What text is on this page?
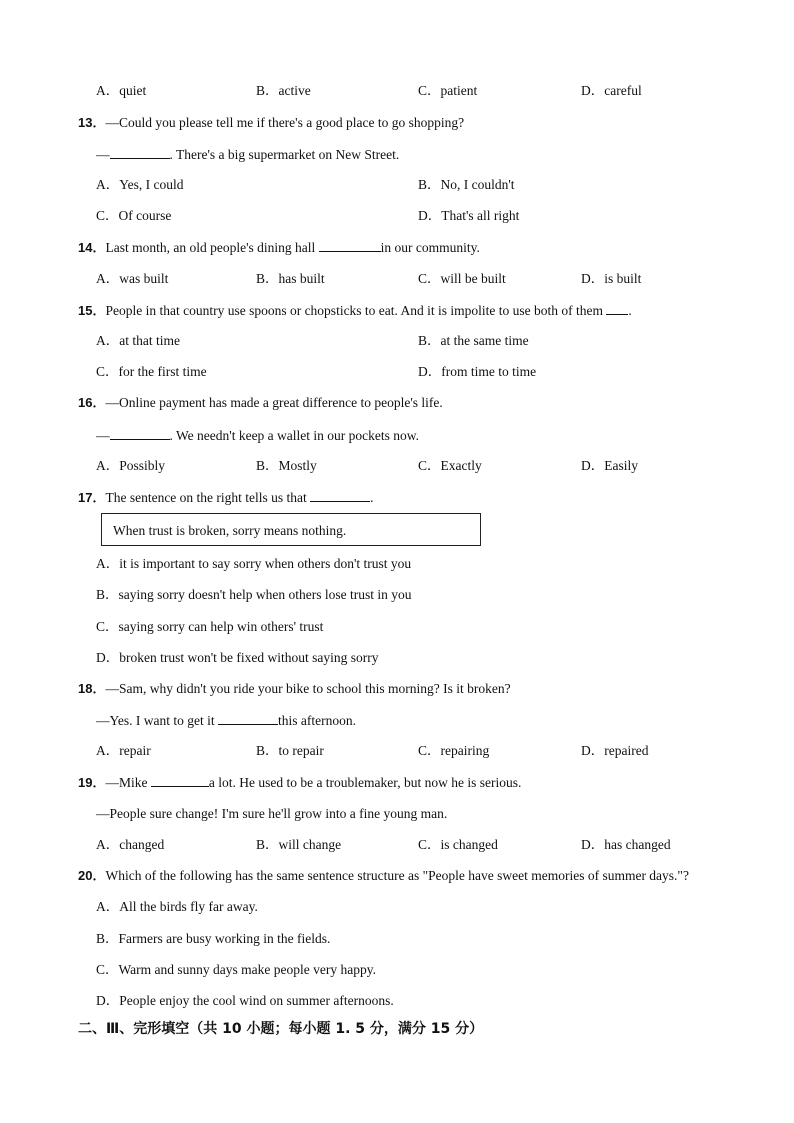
A．quiet	B．active	C．patient	D．careful
13．—Could you please tell me if there's a good place to go shopping?
—	. There's a big supermarket on New Street.
A．Yes, I could	B．No, I couldn't
C．Of course	D．That's all right
14．Last month, an old people's dining hall	in our community.
A．was built	B．has built	C．will be built	D．is built
15．People in that country use spoons or chopsticks to eat. And it is impolite to use both of them .
A．at that time	B．at the same time
C．for the first time	D．from time to time
16．—Online payment has made a great difference to people's life.
—	. We needn't keep a wallet in our pockets now.
A．Possibly	B．Mostly	C．Exactly	D．Easily
17．The sentence on the right tells us that	.
When trust is broken, sorry means nothing.
A．it is important to say sorry when others don't trust you
B．saying sorry doesn't help when others lose trust in you
C．saying sorry can help win others' trust
D．broken trust won't be fixed without saying sorry
18．—Sam, why didn't you ride your bike to school this morning? Is it broken?
—Yes. I want to get it	this afternoon.
A．repair	B．to repair	C．repairing	D．repaired
19．—Mike	a lot. He used to be a troublemaker, but now he is serious.
—People sure change! I'm sure he'll grow into a fine young man.
A．changed	B．will change	C．is changed	D．has changed
20．Which of the following has the same sentence structure as "People have sweet memories of summer days."?
A．All the birds fly far away.
B．Farmers are busy working in the fields.
C．Warm and sunny days make people very happy.
D．People enjoy the cool wind on summer afternoons.
二、Ⅲ、完形填空（共 10 小题；每小题 1. 5 分，满分 15 分）
